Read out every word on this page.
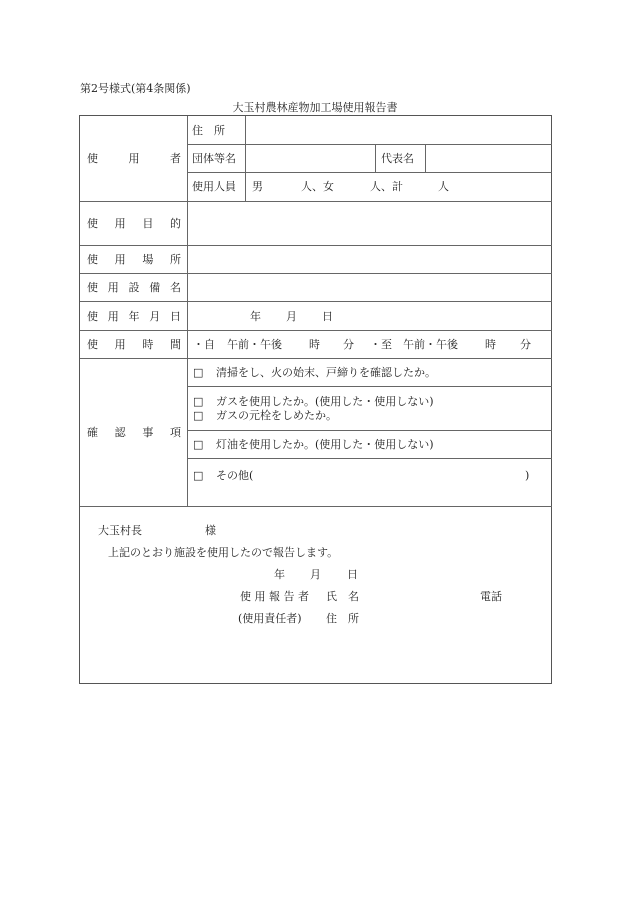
第2号様式(第4条関係)
大玉村農林産物加工場使用報告書
使	用	者
住　所
団体等名	代表名
使用人員 男	人、女	人、計	人
使 用 目 的
使 用 場 所
使 用 設 備 名
使 用 年 月 日	年 月 日
使 用 時 間 ・自 午前・午後 時 分 ・至 午前・午後 時 分
確 認 事 項
□ 清掃をし、火の始末、戸締りを確認したか。
□ ガスを使用したか。(使用した・使用しない)
□ ガスの元栓をしめたか。
□ 灯油を使用したか。(使用した・使用しない)
□ その他(	)
大玉村長	様
上記のとおり施設を使用したので報告します。
年 月 日
使 用 報 告 者 氏　名	電話
(使用責任者) 住　所
